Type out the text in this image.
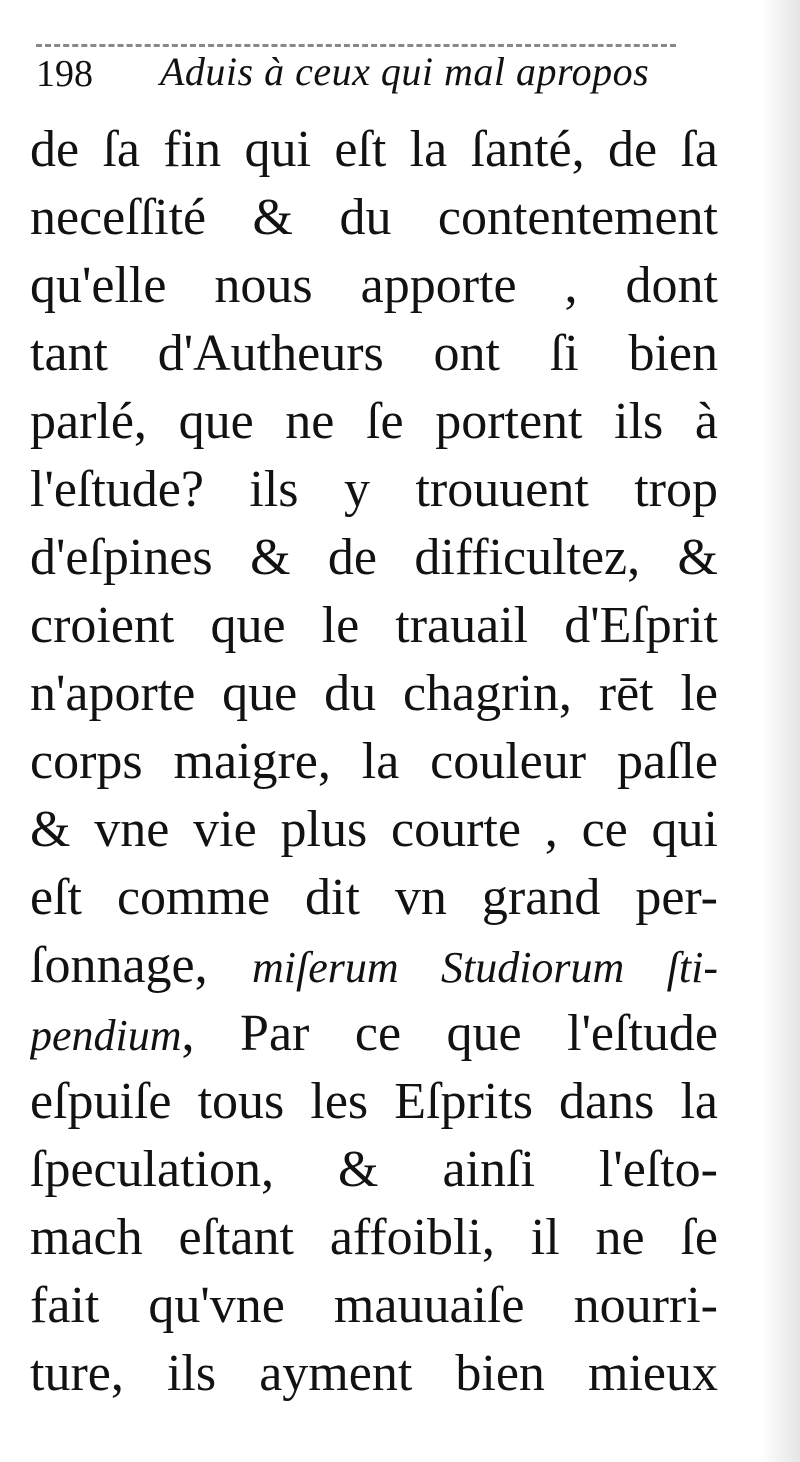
198 Aduis à ceux qui mal apropos
de ſa fin qui eſt la ſanté, de ſa
neceſſité & du contentement
qu'elle nous apporte , dont
tant d'Autheurs ont ſi bien
parlé, que ne ſe portent ils à
l'eſtude? ils y trouuent trop
d'eſpines & de difficultez, &
croient que le trauail d'Eſprit
n'aporte que du chagrin, rēt le
corps maigre, la couleur paſle
& vne vie plus courte , ce qui
eſt comme dit vn grand per-
ſonnage, miſerum Studiorum ſti-
pendium, Par ce que l'eſtude
eſpuiſe tous les Eſprits dans la
ſpeculation, & ainſi l'eſto-
mach eſtant affoibli, il ne ſe
fait qu'vne mauuaiſe nourri-
ture, ils ayment bien mieux
